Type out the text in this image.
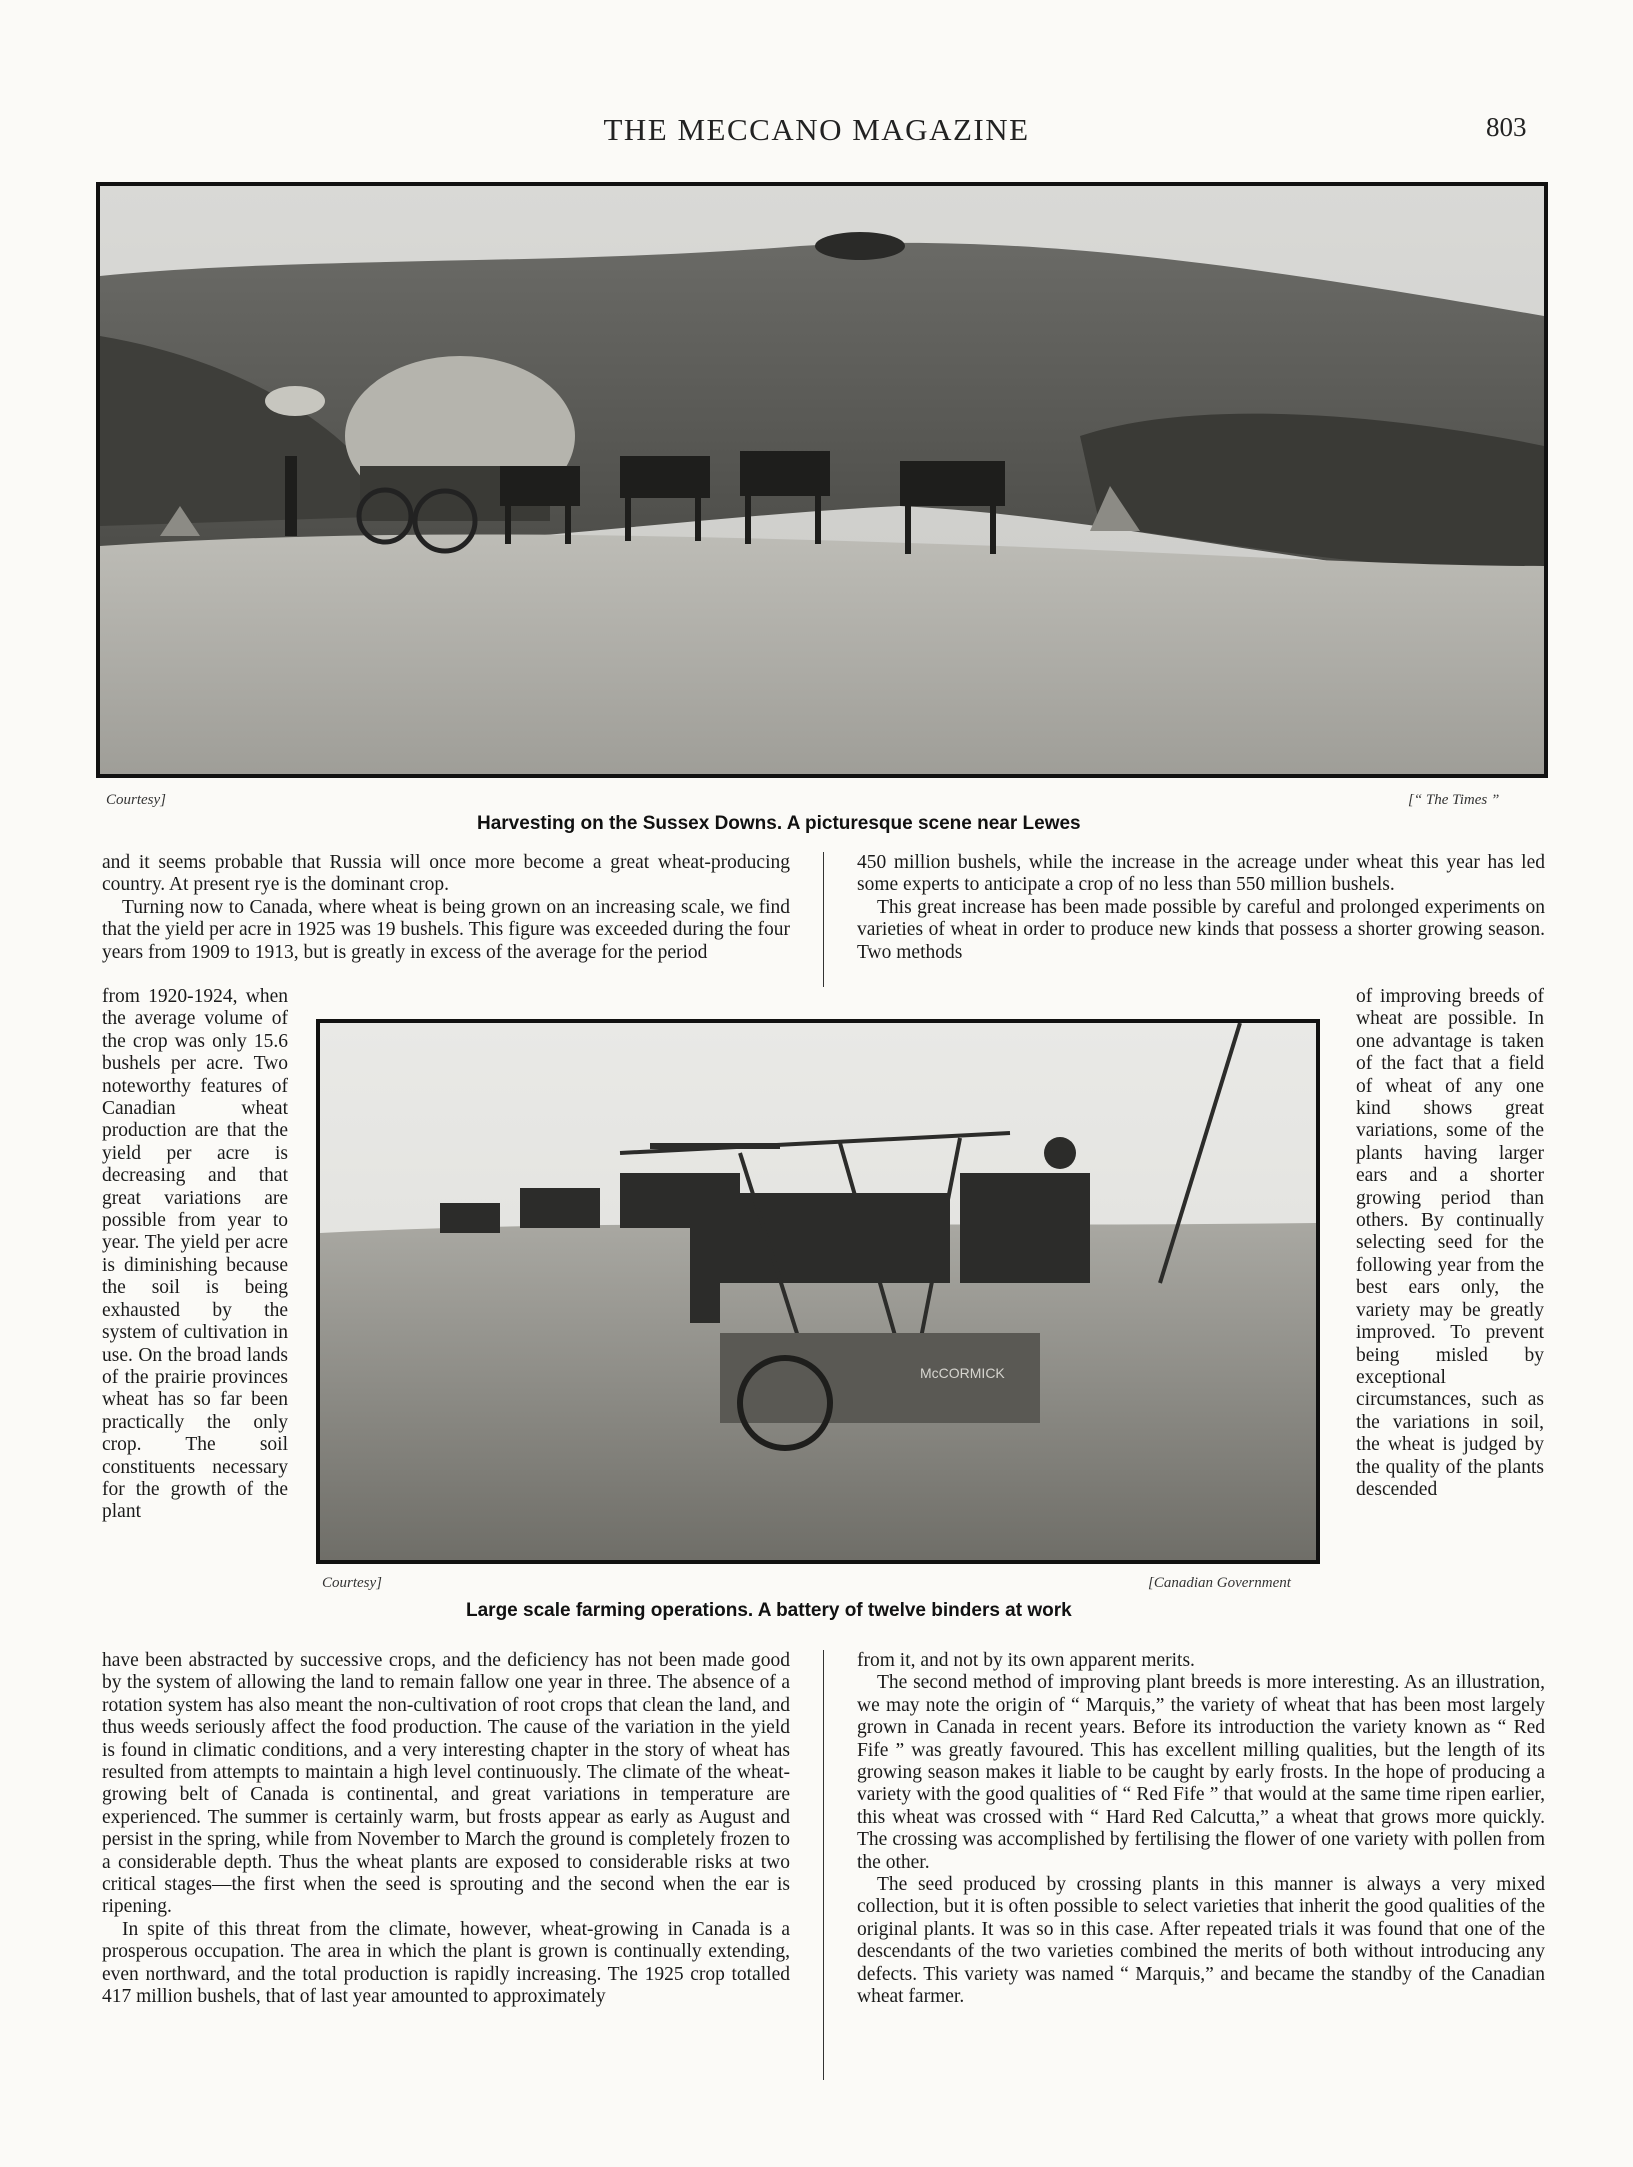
THE MECCANO MAGAZINE	803
Courtesy]	[“ The Times ”
Harvesting on the Sussex Downs. A picturesque scene near Lewes

and it seems probable that Russia will once more become a great wheat-producing country. At present rye is the dominant crop.

Turning now to Canada, where wheat is being grown on an increasing scale, we find that the yield per acre in 1925 was 19 bushels. This figure was exceeded during the four years from 1909 to 1913, but is greatly in excess of the average for the period

from 1920-1924, when the average volume of the crop was only 15.6 bushels per acre. Two noteworthy features of Canadian wheat production are that the yield per acre is decreasing and that great variations are possible from year to year. The yield per acre is diminishing because the soil is being exhausted by the system of cultivation in use. On the broad lands of the prairie provinces wheat has so far been practically the only crop. The soil constituents necessary for the growth of the plant

have been abstracted by successive crops, and the deficiency has not been made good by the system of allowing the land to remain fallow one year in three. The absence of a rotation system has also meant the non-cultivation of root crops that clean the land, and thus weeds seriously affect the food production. The cause of the variation in the yield is found in climatic conditions, and a very interesting chapter in the story of wheat has resulted from attempts to maintain a high level continuously. The climate of the wheat-growing belt of Canada is continental, and great variations in temperature are experienced. The summer is certainly warm, but frosts appear as early as August and persist in the spring, while from November to March the ground is completely frozen to a considerable depth. Thus the wheat plants are exposed to considerable risks at two critical stages—the first when the seed is sprouting and the second when the ear is ripening.

In spite of this threat from the climate, however, wheat-growing in Canada is a prosperous occupation. The area in which the plant is grown is continually extending, even northward, and the total production is rapidly increasing. The 1925 crop totalled 417 million bushels, that of last year amounted to approximately

450 million bushels, while the increase in the acreage under wheat this year has led some experts to anticipate a crop of no less than 550 million bushels.

This great increase has been made possible by careful and prolonged experiments on varieties of wheat in order to produce new kinds that possess a shorter growing season. Two methods

of improving breeds of wheat are possible. In one advantage is taken of the fact that a field of wheat of any one kind shows great variations, some of the plants having larger ears and a shorter growing period than others. By continually selecting seed for the following year from the best ears only, the variety may be greatly improved. To prevent being misled by exceptional circumstances, such as the variations in soil, the wheat is judged by the quality of the plants descended

from it, and not by its own apparent merits.

The second method of improving plant breeds is more interesting. As an illustration, we may note the origin of “ Marquis,” the variety of wheat that has been most largely grown in Canada in recent years. Before its introduction the variety known as “ Red Fife ” was greatly favoured. This has excellent milling qualities, but the length of its growing season makes it liable to be caught by early frosts. In the hope of producing a variety with the good qualities of “ Red Fife ” that would at the same time ripen earlier, this wheat was crossed with “ Hard Red Calcutta,” a wheat that grows more quickly. The crossing was accomplished by fertilising the flower of one variety with pollen from the other.

The seed produced by crossing plants in this manner is always a very mixed collection, but it is often possible to select varieties that inherit the good qualities of the original plants. It was so in this case. After repeated trials it was found that one of the descendants of the two varieties combined the merits of both without introducing any defects. This variety was named “ Marquis,” and became the standby of the Canadian wheat farmer.

McCORMICK
Courtesy]	[Canadian Government
Large scale farming operations. A battery of twelve binders at work
